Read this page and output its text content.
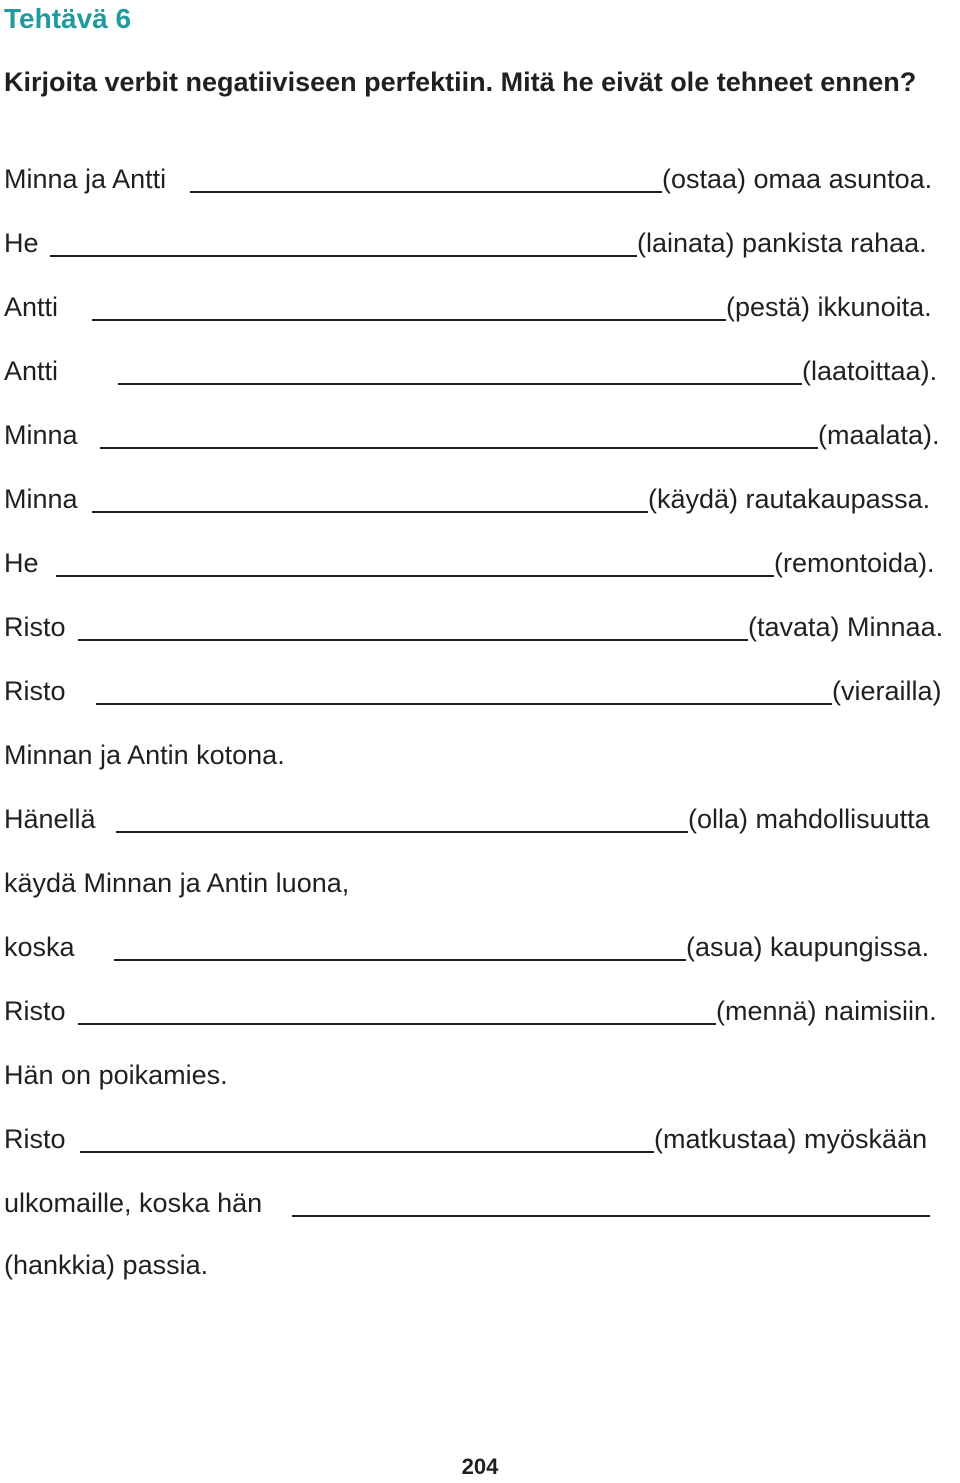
Tehtävä 6

Kirjoita verbit negatiiviseen perfektiin. Mitä he eivät ole tehneet ennen?

Minna ja Antti	(ostaa) omaa asuntoa.
He	(lainata) pankista rahaa.
Antti	(pestä) ikkunoita.
Antti	(laatoittaa).
Minna	(maalata).
Minna	(käydä) rautakaupassa.
He	(remontoida).
Risto	(tavata) Minnaa.
Risto	(vierailla)
Minnan ja Antin kotona.
Hänellä	(olla) mahdollisuutta
käydä Minnan ja Antin luona,
koska	(asua) kaupungissa.
Risto	(mennä) naimisiin.
Hän on poikamies.
Risto	(matkustaa) myöskään
ulkomaille, koska hän
(hankkia) passia.
204
